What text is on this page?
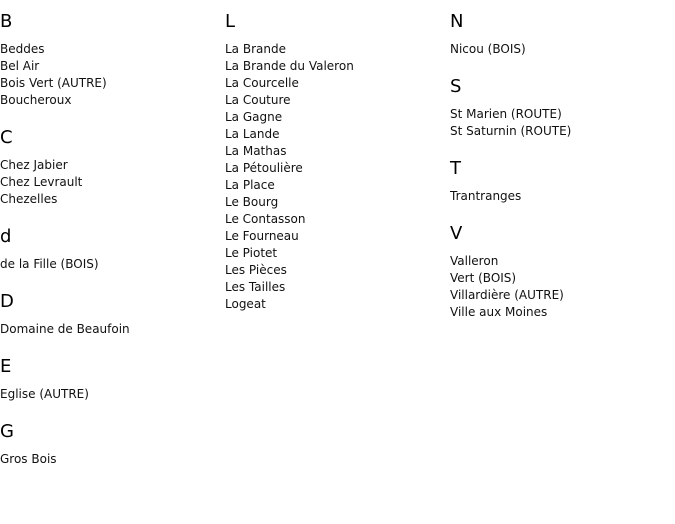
B
Beddes
Bel Air
Bois Vert (AUTRE)
Boucheroux
C
Chez Jabier
Chez Levrault
Chezelles
d
de la Fille (BOIS)
D
Domaine de Beaufoin
E
Eglise (AUTRE)
G
Gros Bois
L
La Brande
La Brande du Valeron
La Courcelle
La Couture
La Gagne
La Lande
La Mathas
La Pétoulière
La Place
Le Bourg
Le Contasson
Le Fourneau
Le Piotet
Les Pièces
Les Tailles
Logeat
N
Nicou (BOIS)
S
St Marien (ROUTE)
St Saturnin (ROUTE)
T
Trantranges
V
Valleron
Vert (BOIS)
Villardière (AUTRE)
Ville aux Moines
